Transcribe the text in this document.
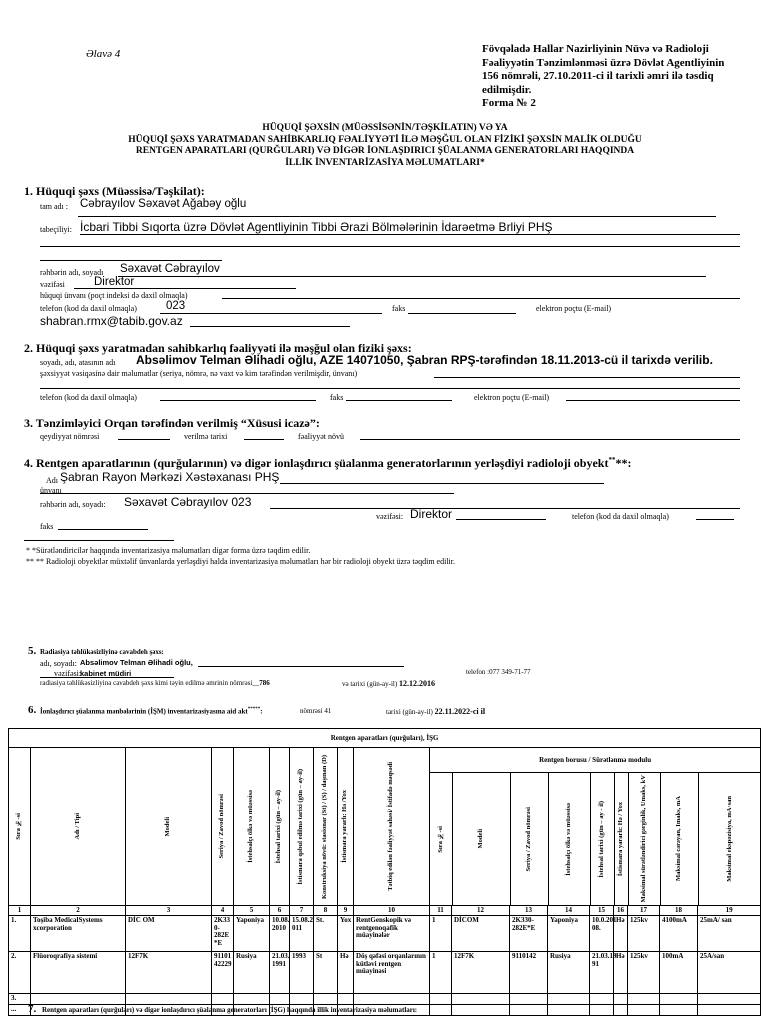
Əlavə 4	Fövqəladə Hallar Nazirliyinin Nüvə və Radioloji
Fəaliyyətin Tənzimlənməsi üzrə Dövlət Agentliyinin
156 nömrəli, 27.10.2011-ci il tarixli əmri ilə təsdiq
edilmişdir.
Forma № 2
HÜQUQİ ŞƏXSİN (MÜƏSSİSƏNİN/TƏŞKİLATIN) VƏ YA
HÜQUQİ ŞƏXS YARATMADAN SAHİBKARLIQ FƏALİYYƏTİ İLƏ MƏŞĞUL OLAN FİZİKİ ŞƏXSİN MALİK OLDUĞU
RENTGEN APARATLARI (QURĞULARI) VƏ DİGƏR İONLAŞDIRICI ŞÜALANMA GENERATORLARI HAQQINDA
İLLİK İNVENTARİZASİYA MƏLUMATLARI*
1. Hüquqi şəxs (Müəssisə/Təşkilat):
tam adı : Cəbrayılov Səxavət Ağabəy oğlu
tabeçiliyi: İcbari Tibbi Sıqorta üzrə Dövlət Agentliyinin Tibbi Ərazi Bölmələrinin İdarəetmə Brliyi PHŞ
rəhbərin adı, soyadı Səxavət Cəbrayılov
vəzifəsi	Direktor
hüquqi ünvanı (poçt indeksi də daxil olmaqla)
telefon (kod da daxil olmaqla)	023	faks	elektron poçtu (E-mail)
shabran.rmx@tabib.gov.az
2. Hüquqi şəxs yaratmadan sahibkarlıq fəaliyyəti ilə məşğul olan fiziki şəxs:
soyadı, adı, atasının adı Absəlimov Telman Əlihadi oğlu, AZE 14071050, Şabran RPŞ-tərəfindən 18.11.2013-cü il tarixdə verilib.
şəxsiyyət vəsiqəsinə dair məlumatlar (seriya, nömrə, nə vaxt və kim tərəfindən verilmişdir, ünvanı)
telefon (kod da daxil olmaqla)	faks	elektron poçtu (E-mail)
3. Tənzimləyici Orqan tərəfindən verilmiş “Xüsusi icazə”:
qeydiyyat nömrəsi	verilmə tarixi	fəaliyyət növü
4. Rentgen aparatlarının (qurğularının) və digər ionlaşdırıcı şüalanma generatorlarının yerləşdiyi radioloji obyekt****:
Adı Şabran Rayon Mərkəzi Xəstəxanası PHŞ
ünvanı
rəhbərin adı, soyadı: Səxavət Cəbrayılov 023
vəzifəsi: Direktor	telefon (kod da daxil olmaqla)
faks
* *Sürətləndiricilər haqqında inventarizasiya məlumatları digər forma üzrə təqdim edilir.
** ** Radioloji obyektlər müxtəlif ünvanlarda yerləşdiyi halda inventarizasiya məlumatları hər bir radioloji obyekt üzrə təqdim edilir.
5. Radiasiya təhlükəsizliyinə cavabdeh şəxs:
adı, soyadı: Absəlimov Telman Əlihadi oğlu,
vəzifəsi:
kabinet müdiri	telefon :077 349-71-77
radiasiya təhlükəsizliyinə cavabdeh şəxs kimi təyin edilmə əmrinin nömrəsi__786	və tarixi (gün-ay-il) 12.12.2016
6. İonlaşdırıcı şüalanma mənbələrinin (İŞM) inventarizasiyasına aid akt*****:	nömrəsi 41	tarixi (gün-ay-il) 22.11.2022-ci il
Rentgen aparatları (qurğuları), İŞG

Sıra №-si	Adı / Tipi	Modeli	Seriya / Zavod nömrəsi	İstehsalçı ölkə və müəssisə	İstehsal tarixi (gün – ay-il)	İstismara qəbul edilmə tarixi (gün – ay-il)	Konstruksiya növü: stasionar (St) / (S) / daşınan (D)	İstismara yararlı: Hə /Yox	Tətbiq edilən fəaliyyət sahəsi/ İstifadə məqsədi

Rentgen borusu / Sürətlənmə modulu
Sıra №-si	Modeli	Seriya / Zavod nömrəsi	İstehsalçı ölkə və müəssisə	İstehsal tarixi (gün – ay - il)	İstismara yararlı: Hə / Yox	Maksimal sürətləndirici gərginlik, Umaks, kV	Maksimal cərəyan, Imaks, mA	Maksimal ekspozisiya, mA·san

1	2	3	4	5	6	7	8	9	10	11	12	13	14	15	16	17	18	19
1.	Toşiba MedicalSystems xcorporation	DİC OM	2K33 0-282E *E	Yaponiya	10.08. 2010	15.08.2 011	St.	Yox	RentGenskopik və rentgenoqafik müayinələr	1	DİCOM	2K330-282E*E	Yaponiya	10.0.201 08.	Hə	125kv	4100mA	25mA/ san
2.	Flüoroqrafiya sistemi	12F7K	91101 42229	Rusiya	21.03. 1991	1993	St	Hə	Döş qəfəsi orqanlarının kütləvi rentgen müayinəsi	1	12F7K	9110142	Rusiya	21.03.19 91	Hə	125kv	100mA	25A/san
3.																		
...																		7. Rentgen aparatları (qurğuları) və digər ionlaşdırıcı şüalanma generatorları (İŞG) haqqında illik inventarizasiya məlumatları:
